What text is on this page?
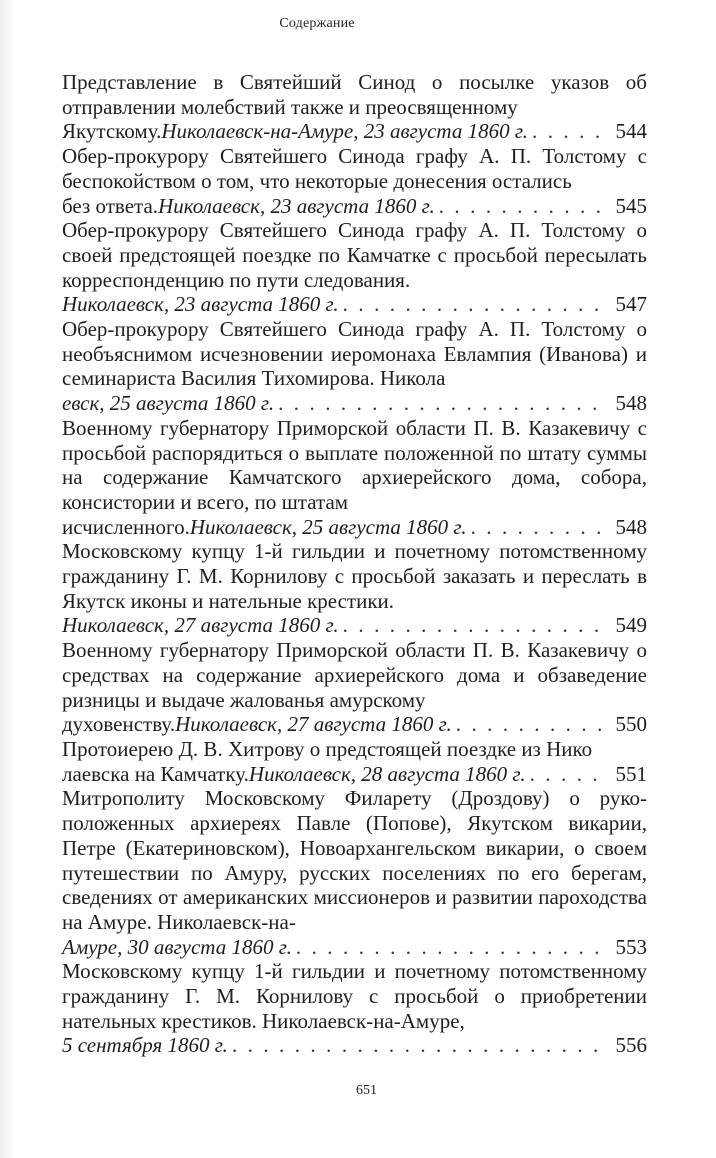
Содержание

Представление в Святейший Синод о посылке указов об отправлении молебствий также и преосвященному
Якутскому. Николаевск-на-Амуре, 23 августа 1860 г. . . .	544

Обер-прокурору Святейшего Синода графу А. П. Толстому с беспокойством о том, что некоторые донесения остались
без ответа. Николаевск, 23 августа 1860 г. . . .	545

Обер-прокурору Святейшего Синода графу А. П. Толстому о своей предстоящей поездке по Камчатке с просьбой пересылать корреспонденцию по пути следования.
Николаевск, 23 августа 1860 г. . . .	547

Обер-прокурору Святейшего Синода графу А. П. Толстому о необъяснимом исчезновении иеромонаха Евлампия (Иванова) и семинариста Василия Тихомирова. Никола
евск, 25 августа 1860 г. . . .	548

Военному губернатору Приморской области П. В. Казакевичу с просьбой распорядиться о выплате положенной по штату суммы на содержание Камчатского архиерейского дома, собора, консистории и всего, по штатам
исчисленного. Николаевск, 25 августа 1860 г. . . .	548

Московскому купцу 1-й гильдии и почетному потомственному гражданину Г. М. Корнилову с просьбой заказать и переслать в Якутск иконы и нательные крестики.
Николаевск, 27 августа 1860 г. . . .	549

Военному губернатору Приморской области П. В. Казакевичу о средствах на содержание архиерейского дома и обзаведение ризницы и выдаче жалованья амурскому
духовенству. Николаевск, 27 августа 1860 г. . . .	550

Протоиерею Д. В. Хитрову о предстоящей поездке из Нико
лаевска на Камчатку. Николаевск, 28 августа 1860 г. . . .	551

Митрополиту Московскому Филарету (Дроздову) о рукоположенных архиереях Павле (Попове), Якутском викарии, Петре (Екатериновском), Новоархангельском викарии, о своем путешествии по Амуру, русских поселениях по его берегам, сведениях от американских миссионеров и развитии пароходства на Амуре. Николаевск-на-
Амуре, 30 августа 1860 г. . . .	553

Московскому купцу 1-й гильдии и почетному потомственному гражданину Г. М. Корнилову с просьбой о приобретении нательных крестиков. Николаевск-на-Амуре,
5 сентября 1860 г. . . .	556

651
